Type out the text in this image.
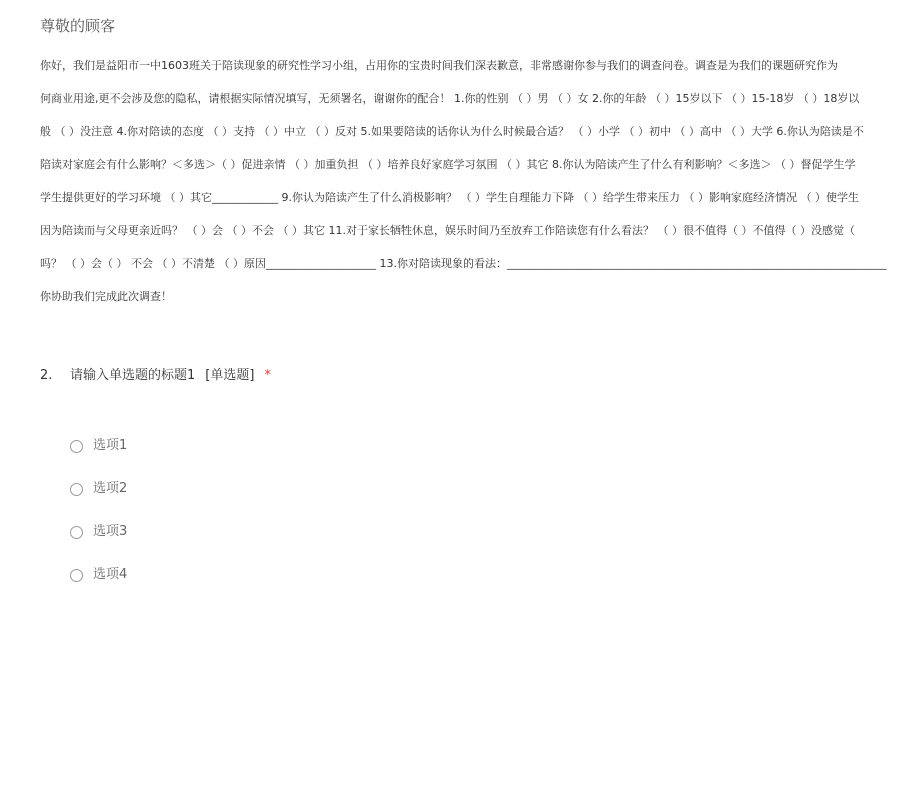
尊敬的顾客
你好，我们是益阳市一中1603班关于陪读现象的研究性学习小组，占用你的宝贵时间我们深表歉意，非常感谢你参与我们的调查问卷。调查是为我们的课题研究作为
何商业用途,更不会涉及您的隐私，请根据实际情况填写，无须署名，谢谢你的配合！ 1.你的性别 （ ）男 （ ）女 2.你的年龄 （ ）15岁以下 （ ）15-18岁 （ ）18岁以
般 （ ）没注意 4.你对陪读的态度 （ ）支持 （ ）中立 （ ）反对 5.如果要陪读的话你认为什么时候最合适？ （ ）小学 （ ）初中 （ ）高中 （ ）大学 6.你认为陪读是不
陪读对家庭会有什么影响？＜多选＞（ ）促进亲情 （ ）加重负担 （ ）培养良好家庭学习氛围 （ ）其它 8.你认为陪读产生了什么有利影响？＜多选＞ （ ）督促学生学
学生提供更好的学习环境 （ ）其它____________ 9.你认为陪读产生了什么消极影响？ （ ）学生自理能力下降 （ ）给学生带来压力 （ ）影响家庭经济情况 （ ）使学生
因为陪读而与父母更亲近吗？ （ ）会 （ ）不会 （ ）其它 11.对于家长牺牲休息，娱乐时间乃至放弃工作陪读您有什么看法？ （ ）很不值得（ ）不值得（ ）没感觉（
吗？ （ ）会（ ） 不会 （ ）不清楚 （ ）原因____________________ 13.你对陪读现象的看法：_____________________________________________________________________
你协助我们完成此次调查！
2. 请输入单选题的标题1 [单选题] *
选项1
选项2
选项3
选项4
